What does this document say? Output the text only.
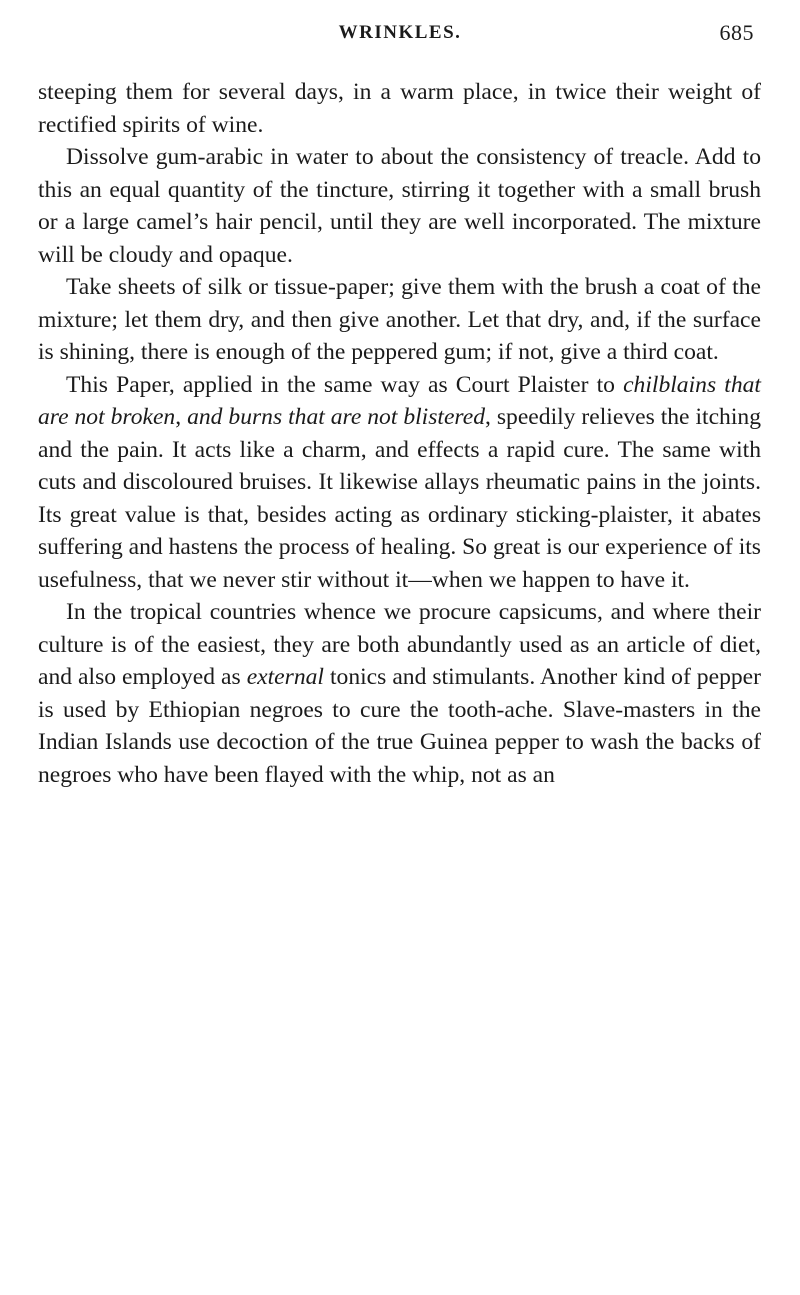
WRINKLES.	685

steeping them for several days, in a warm place, in twice their weight of rectified spirits of wine.

Dissolve gum-arabic in water to about the consistency of treacle. Add to this an equal quantity of the tincture, stirring it together with a small brush or a large camel’s hair pencil, until they are well incorporated. The mixture will be cloudy and opaque.

Take sheets of silk or tissue-paper; give them with the brush a coat of the mixture; let them dry, and then give another. Let that dry, and, if the surface is shining, there is enough of the peppered gum; if not, give a third coat.

This Paper, applied in the same way as Court Plaister to chilblains that are not broken, and burns that are not blistered, speedily relieves the itching and the pain. It acts like a charm, and effects a rapid cure. The same with cuts and discoloured bruises. It likewise allays rheumatic pains in the joints. Its great value is that, besides acting as ordinary sticking-plaister, it abates suffering and hastens the process of healing. So great is our experience of its usefulness, that we never stir without it—when we happen to have it.

In the tropical countries whence we procure capsicums, and where their culture is of the easiest, they are both abundantly used as an article of diet, and also employed as external tonics and stimulants. Another kind of pepper is used by Ethiopian negroes to cure the tooth-ache. Slave-masters in the Indian Islands use decoction of the true Guinea pepper to wash the backs of negroes who have been flayed with the whip, not as an
